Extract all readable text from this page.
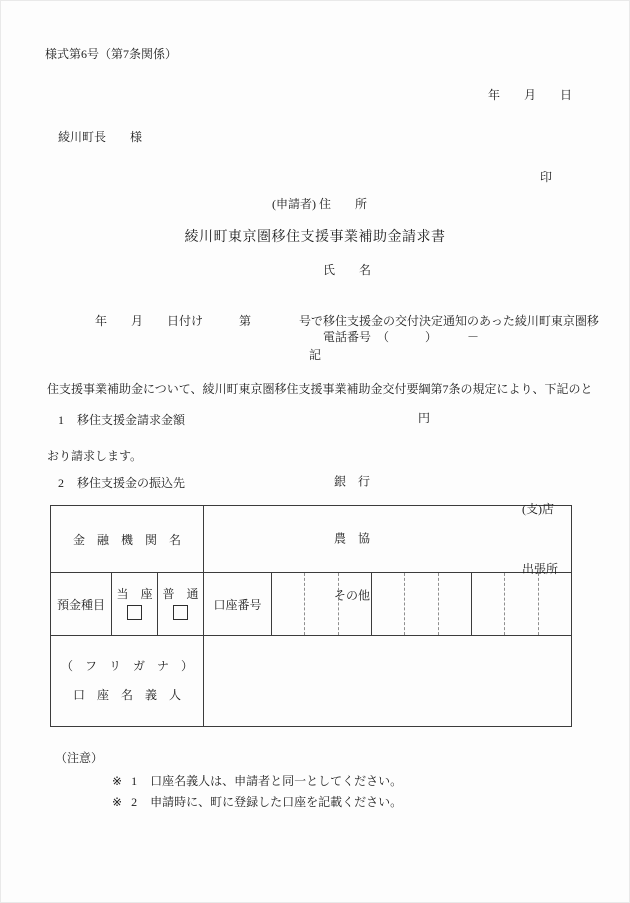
様式第6号（第7条関係）
年　　月　　日
綾川町長　　様

(申請者) 住　　所

氏　　名

電話番号　（　　　）　　　－

印
綾川町東京圏移住支援事業補助金請求書

　　　　年　　月　　日付け　　　第　　　　号で移住支援金の交付決定通知のあった綾川町東京圏移

住支援事業補助金について、綾川町東京圏移住支援事業補助金交付要綱第7条の規定により、下記のと

おり請求します。

記
1 移住支援金請求金額	円
2 移住支援金の振込先
金　融　機　関　名

銀　行

農　協

その他

(支)店

出張所

預金種目
当　座 普　通
口座番号
（　フ　リ　ガ　ナ　）
口　座　名　義　人
（注意）
※ 1 口座名義人は、申請者と同一としてください。
※ 2 申請時に、町に登録した口座を記載ください。
